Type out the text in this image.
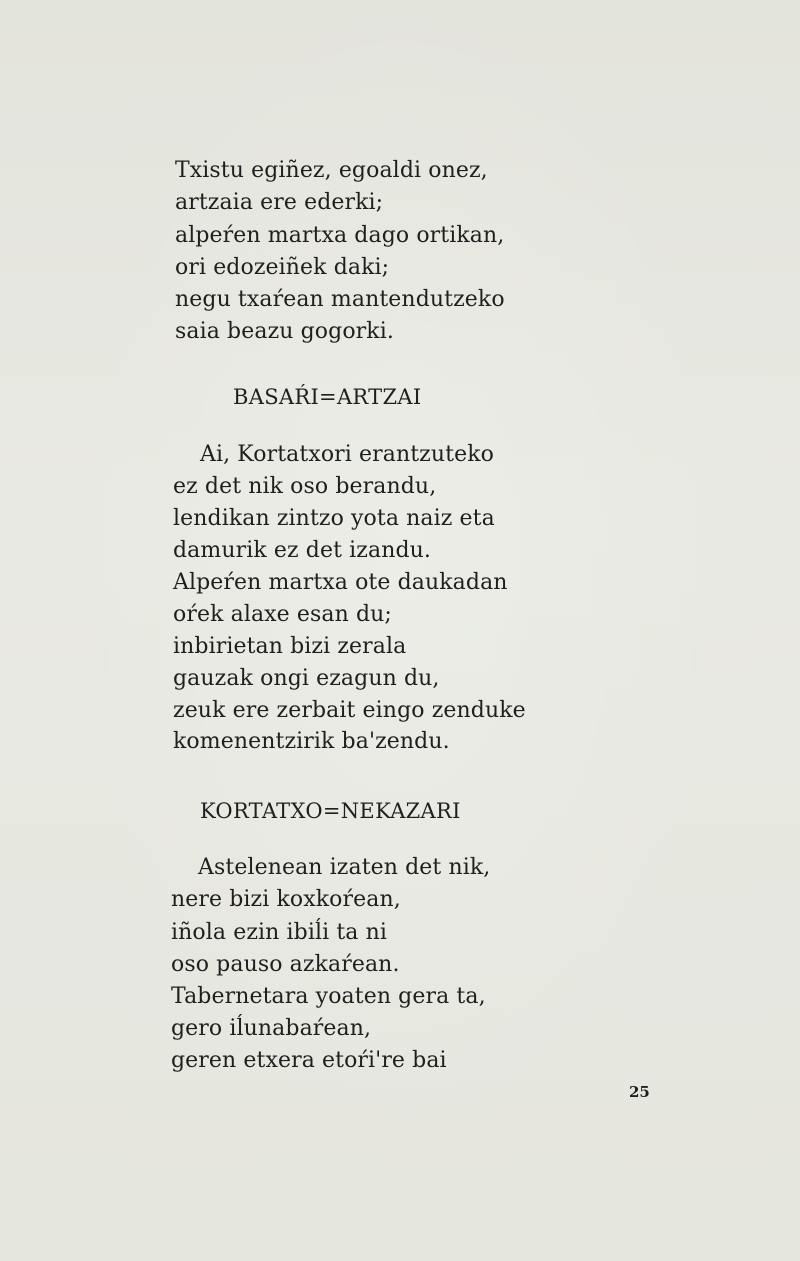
Txistu egiñez, egoaldi onez,
artzaia ere ederki;
alpeŕen martxa dago ortikan,
ori edozeiñek daki;
negu txaŕean mantendutzeko
saia beazu gogorki.
BASAŔI=ARTZAI
Ai, Kortatxori erantzuteko
ez det nik oso berandu,
lendikan zintzo yota naiz eta
damurik ez det izandu.
Alpeŕen martxa ote daukadan
oŕek alaxe esan du;
inbirietan bizi zerala
gauzak ongi ezagun du,
zeuk ere zerbait eingo zenduke
komenentzirik ba'zendu.
KORTATXO=NEKAZARI
Astelenean izaten det nik,
nere bizi koxkoŕean,
iñola ezin ibiĺi ta ni
oso pauso azkaŕean.
Tabernetara yoaten gera ta,
gero iĺunabaŕean,
geren etxera etoŕi're bai
25
